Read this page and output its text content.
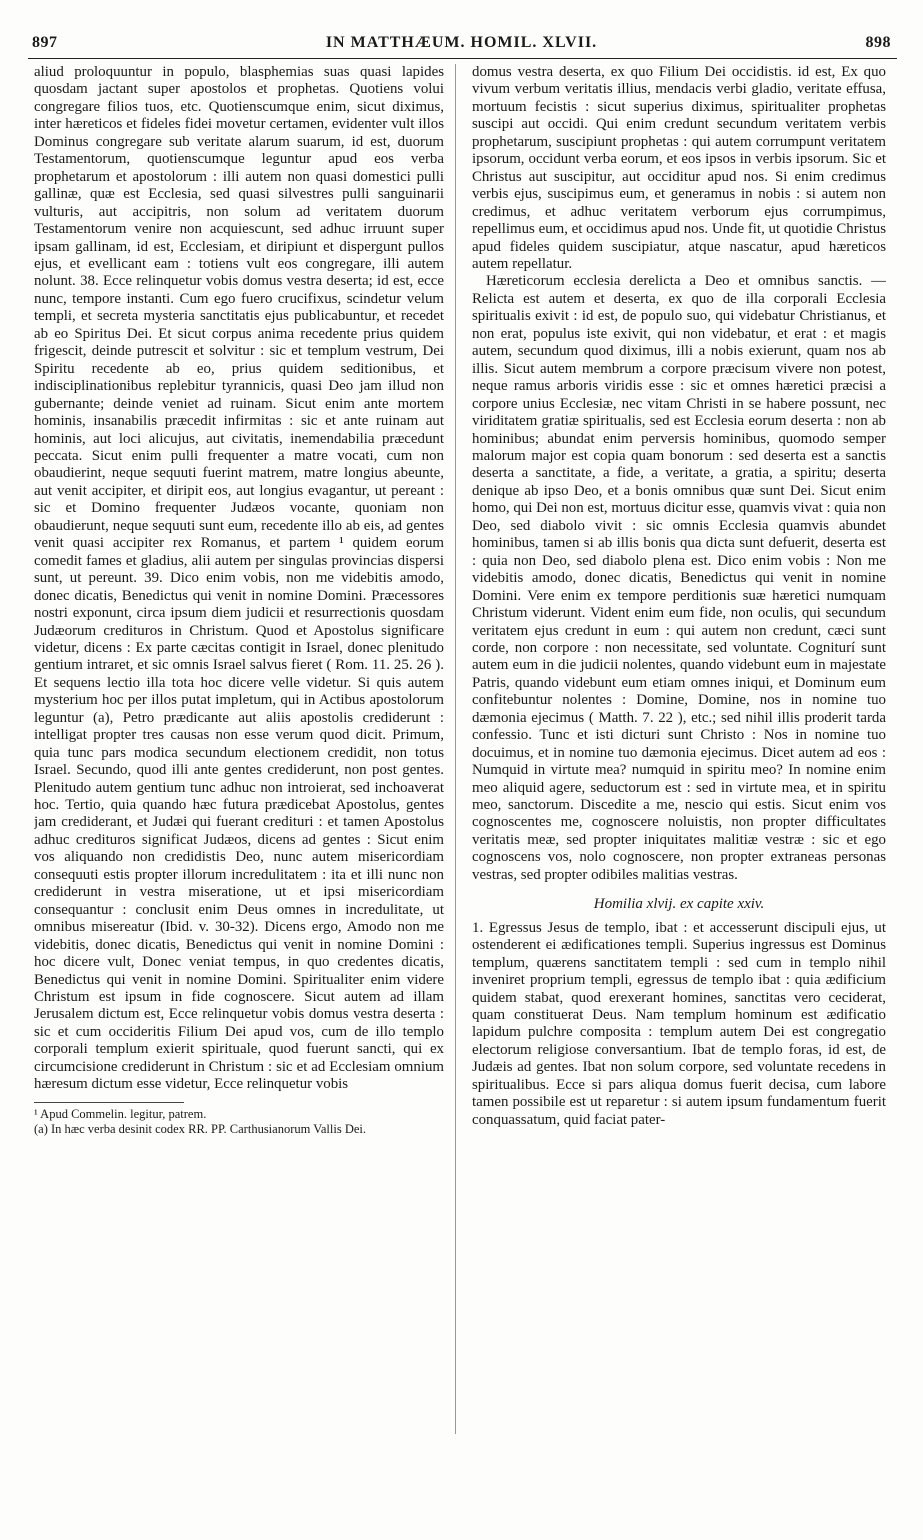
897	IN MATTHÆUM. HOMIL. XLVII.	898

aliud proloquuntur in populo, blasphemias suas quasi lapides quosdam jactant super apostolos et prophetas. Quotiens volui congregare filios tuos, etc. Quotienscumque enim, sicut diximus, inter hæreticos et fideles fidei movetur certamen, evidenter vult illos Dominus congregare sub veritate alarum suarum, id est, duorum Testamentorum, quotienscumque leguntur apud eos verba prophetarum et apostolorum : illi autem non quasi domestici pulli gallinæ, quæ est Ecclesia, sed quasi silvestres pulli sanguinarii vulturis, aut accipitris, non solum ad veritatem duorum Testamentorum venire non acquiescunt, sed adhuc irruunt super ipsam gallinam, id est, Ecclesiam, et diripiunt et dispergunt pullos ejus, et evellicant eam : totiens vult eos congregare, illi autem nolunt. 38. Ecce relinquetur vobis domus vestra deserta; id est, ecce nunc, tempore instanti. Cum ego fuero crucifixus, scindetur velum templi, et secreta mysteria sanctitatis ejus publicabuntur, et recedet ab eo Spiritus Dei. Et sicut corpus anima recedente prius quidem frigescit, deinde putrescit et solvitur : sic et templum vestrum, Dei Spiritu recedente ab eo, prius quidem seditionibus, et indisciplinationibus replebitur tyrannicis, quasi Deo jam illud non gubernante; deinde veniet ad ruinam. Sicut enim ante mortem hominis, insanabilis præcedit infirmitas : sic et ante ruinam aut hominis, aut loci alicujus, aut civitatis, inemendabilia præcedunt peccata. Sicut enim pulli frequenter a matre vocati, cum non obaudierint, neque sequuti fuerint matrem, matre longius abeunte, aut venit accipiter, et diripit eos, aut longius evagantur, ut pereant : sic et Domino frequenter Judæos vocante, quoniam non obaudierunt, neque sequuti sunt eum, recedente illo ab eis, ad gentes venit quasi accipiter rex Romanus, et partem ¹ quidem eorum comedit fames et gladius, alii autem per singulas provincias dispersi sunt, ut pereunt. 39. Dico enim vobis, non me videbitis amodo, donec dicatis, Benedictus qui venit in nomine Domini. Præcessores nostri exponunt, circa ipsum diem judicii et resurrectionis quosdam Judæorum credituros in Christum. Quod et Apostolus significare videtur, dicens : Ex parte cæcitas contigit in Israel, donec plenitudo gentium intraret, et sic omnis Israel salvus fieret ( Rom. 11. 25. 26 ). Et sequens lectio illa tota hoc dicere velle videtur. Si quis autem mysterium hoc per illos putat impletum, qui in Actibus apostolorum leguntur (a), Petro prædicante aut aliis apostolis crediderunt : intelligat propter tres causas non esse verum quod dicit. Primum, quia tunc pars modica secundum electionem credidit, non totus Israel. Secundo, quod illi ante gentes crediderunt, non post gentes. Plenitudo autem gentium tunc adhuc non introierat, sed inchoaverat hoc. Tertio, quia quando hæc futura prædicebat Apostolus, gentes jam crediderant, et Judæi qui fuerant credituri : et tamen Apostolus adhuc credituros significat Judæos, dicens ad gentes : Sicut enim vos aliquando non credidistis Deo, nunc autem misericordiam consequuti estis propter illorum incredulitatem : ita et illi nunc non crediderunt in vestra miseratione, ut et ipsi misericordiam consequantur : conclusit enim Deus omnes in incredulitate, ut omnibus misereatur (Ibid. v. 30-32). Dicens ergo, Amodo non me videbitis, donec dicatis, Benedictus qui venit in nomine Domini : hoc dicere vult, Donec veniat tempus, in quo credentes dicatis, Benedictus qui venit in nomine Domini. Spiritualiter enim videre Christum est ipsum in fide cognoscere. Sicut autem ad illam Jerusalem dictum est, Ecce relinquetur vobis domus vestra deserta : sic et cum occideritis Filium Dei apud vos, cum de illo templo corporali templum exierit spirituale, quod fuerunt sancti, qui ex circumcisione crediderunt in Christum : sic et ad Ecclesiam omnium hæresum dictum esse videtur, Ecce relinquetur vobis

¹ Apud Commelin. legitur, patrem.

(a) In hæc verba desinit codex RR. PP. Carthusianorum Vallis Dei.

domus vestra deserta, ex quo Filium Dei occidistis. id est, Ex quo vivum verbum veritatis illius, mendacis verbi gladio, veritate effusa, mortuum fecistis : sicut superius diximus, spiritualiter prophetas suscipi aut occidi. Qui enim credunt secundum veritatem verbis prophetarum, suscipiunt prophetas : qui autem corrumpunt veritatem ipsorum, occidunt verba eorum, et eos ipsos in verbis ipsorum. Sic et Christus aut suscipitur, aut occiditur apud nos. Si enim credimus verbis ejus, suscipimus eum, et generamus in nobis : si autem non credimus, et adhuc veritatem verborum ejus corrumpimus, repellimus eum, et occidimus apud nos. Unde fit, ut quotidie Christus apud fideles quidem suscipiatur, atque nascatur, apud hæreticos autem repellatur.

Hæreticorum ecclesia derelicta a Deo et omnibus sanctis. — Relicta est autem et deserta, ex quo de illa corporali Ecclesia spiritualis exivit : id est, de populo suo, qui videbatur Christianus, et non erat, populus iste exivit, qui non videbatur, et erat : et magis autem, secundum quod diximus, illi a nobis exierunt, quam nos ab illis. Sicut autem membrum a corpore præcisum vivere non potest, neque ramus arboris viridis esse : sic et omnes hæretici præcisi a corpore unius Ecclesiæ, nec vitam Christi in se habere possunt, nec viriditatem gratiæ spiritualis, sed est Ecclesia eorum deserta : non ab hominibus; abundat enim perversis hominibus, quomodo semper malorum major est copia quam bonorum : sed deserta est a sanctis deserta a sanctitate, a fide, a veritate, a gratia, a spiritu; deserta denique ab ipso Deo, et a bonis omnibus quæ sunt Dei. Sicut enim homo, qui Dei non est, mortuus dicitur esse, quamvis vivat : quia non Deo, sed diabolo vivit : sic omnis Ecclesia quamvis abundet hominibus, tamen si ab illis bonis qua dicta sunt defuerit, deserta est : quia non Deo, sed diabolo plena est. Dico enim vobis : Non me videbitis amodo, donec dicatis, Benedictus qui venit in nomine Domini. Vere enim ex tempore perditionis suæ hæretici numquam Christum viderunt. Vident enim eum fide, non oculis, qui secundum veritatem ejus credunt in eum : qui autem non credunt, cæci sunt corde, non corpore : non necessitate, sed voluntate. Cogniturí sunt autem eum in die judicii nolentes, quando videbunt eum in majestate Patris, quando videbunt eum etiam omnes iniqui, et Dominum eum confitebuntur nolentes : Domine, Domine, nos in nomine tuo dæmonia ejecimus ( Matth. 7. 22 ), etc.; sed nihil illis proderit tarda confessio. Tunc et isti dicturi sunt Christo : Nos in nomine tuo docuimus, et in nomine tuo dæmonia ejecimus. Dicet autem ad eos : Numquid in virtute mea? numquid in spiritu meo? In nomine enim meo aliquid agere, seductorum est : sed in virtute mea, et in spiritu meo, sanctorum. Discedite a me, nescio qui estis. Sicut enim vos cognoscentes me, cognoscere noluistis, non propter difficultates veritatis meæ, sed propter iniquitates malitiæ vestræ : sic et ego cognoscens vos, nolo cognoscere, non propter extraneas personas vestras, sed propter odibiles malitias vestras.

Homilia xlvij. ex capite xxiv.

1. Egressus Jesus de templo, ibat : et accesserunt discipuli ejus, ut ostenderent ei ædificationes templi. Superius ingressus est Dominus templum, quærens sanctitatem templi : sed cum in templo nihil inveniret proprium templi, egressus de templo ibat : quia ædificium quidem stabat, quod erexerant homines, sanctitas vero ceciderat, quam constituerat Deus. Nam templum hominum est ædificatio lapidum pulchre composita : templum autem Dei est congregatio electorum religiose conversantium. Ibat de templo foras, id est, de Judæis ad gentes. Ibat non solum corpore, sed voluntate recedens in spiritualibus. Ecce si pars aliqua domus fuerit decisa, cum labore tamen possibile est ut reparetur : si autem ipsum fundamentum fuerit conquassatum, quid faciat pater-
